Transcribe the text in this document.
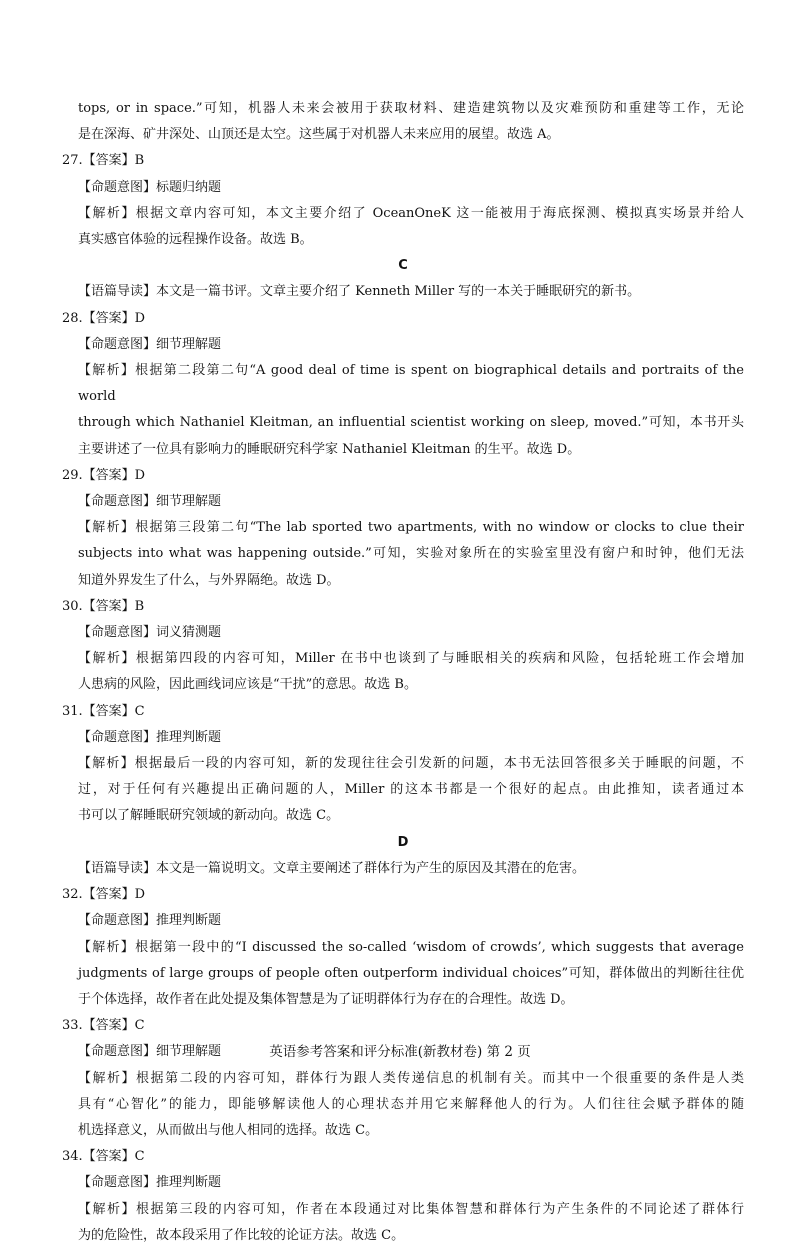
tops, or in space.”可知，机器人未来会被用于获取材料、建造建筑物以及灾难预防和重建等工作，无论
是在深海、矿井深处、山顶还是太空。这些属于对机器人未来应用的展望。故选 A。
27.【答案】B
【命题意图】标题归纳题
【解析】根据文章内容可知，本文主要介绍了 OceanOneK 这一能被用于海底探测、模拟真实场景并给人
真实感官体验的远程操作设备。故选 B。
C
【语篇导读】本文是一篇书评。文章主要介绍了 Kenneth Miller 写的一本关于睡眠研究的新书。
28.【答案】D
【命题意图】细节理解题
【解析】根据第二段第二句“A good deal of time is spent on biographical details and portraits of the world
through which Nathaniel Kleitman, an influential scientist working on sleep, moved.”可知，本书开头
主要讲述了一位具有影响力的睡眠研究科学家 Nathaniel Kleitman 的生平。故选 D。
29.【答案】D
【命题意图】细节理解题
【解析】根据第三段第二句“The lab sported two apartments, with no window or clocks to clue their
subjects into what was happening outside.”可知，实验对象所在的实验室里没有窗户和时钟，他们无法
知道外界发生了什么，与外界隔绝。故选 D。
30.【答案】B
【命题意图】词义猜测题
【解析】根据第四段的内容可知，Miller 在书中也谈到了与睡眠相关的疾病和风险，包括轮班工作会增加
人患病的风险，因此画线词应该是“干扰”的意思。故选 B。
31.【答案】C
【命题意图】推理判断题
【解析】根据最后一段的内容可知，新的发现往往会引发新的问题，本书无法回答很多关于睡眠的问题，不
过，对于任何有兴趣提出正确问题的人，Miller 的这本书都是一个很好的起点。由此推知，读者通过本
书可以了解睡眠研究领域的新动向。故选 C。
D
【语篇导读】本文是一篇说明文。文章主要阐述了群体行为产生的原因及其潜在的危害。
32.【答案】D
【命题意图】推理判断题
【解析】根据第一段中的“I discussed the so-called ‘wisdom of crowds’, which suggests that average
judgments of large groups of people often outperform individual choices”可知，群体做出的判断往往优
于个体选择，故作者在此处提及集体智慧是为了证明群体行为存在的合理性。故选 D。
33.【答案】C
【命题意图】细节理解题
【解析】根据第二段的内容可知，群体行为跟人类传递信息的机制有关。而其中一个很重要的条件是人类
具有“心智化”的能力，即能够解读他人的心理状态并用它来解释他人的行为。人们往往会赋予群体的随
机选择意义，从而做出与他人相同的选择。故选 C。
34.【答案】C
【命题意图】推理判断题
【解析】根据第三段的内容可知，作者在本段通过对比集体智慧和群体行为产生条件的不同论述了群体行
为的危险性，故本段采用了作比较的论证方法。故选 C。
英语参考答案和评分标准(新教材卷) 第 2 页
